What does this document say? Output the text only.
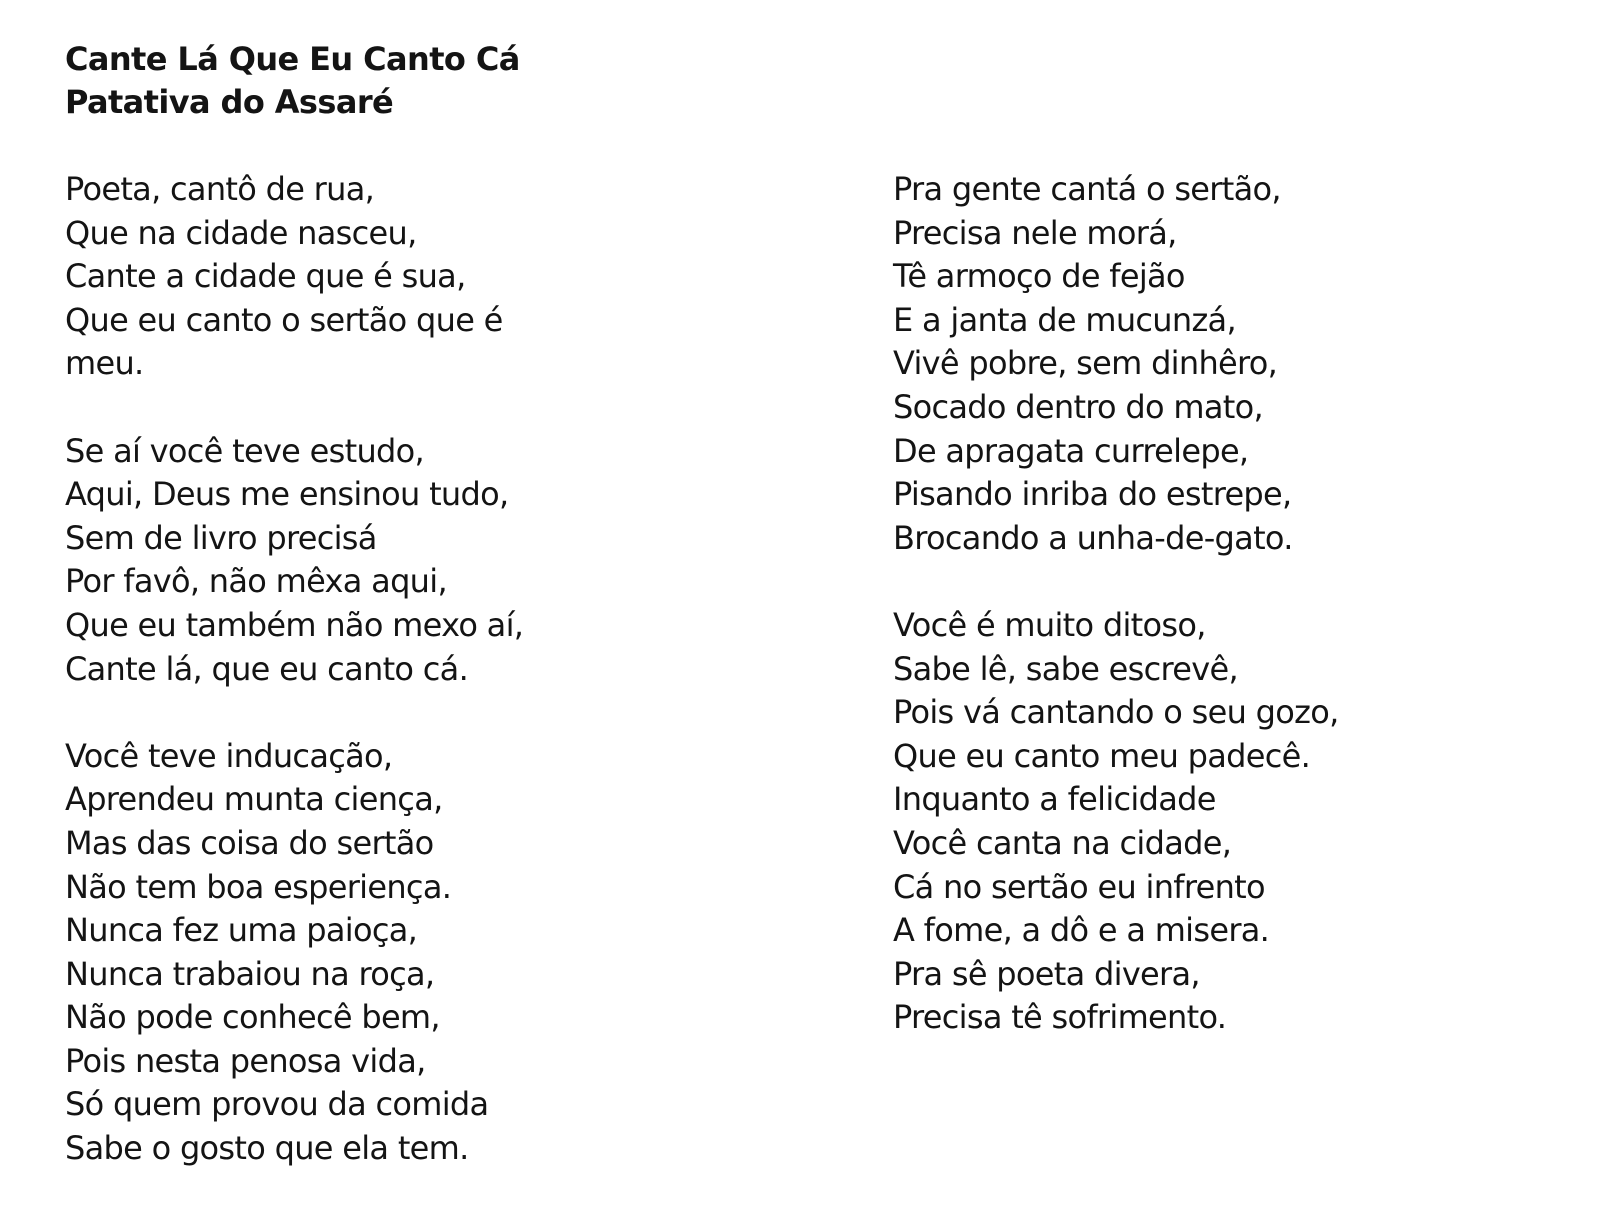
Cante Lá Que Eu Canto Cá
Patativa do Assaré
Poeta, cantô de rua,
Que na cidade nasceu,
Cante a cidade que é sua,
Que eu canto o sertão que é
meu.
Se aí você teve estudo,
Aqui, Deus me ensinou tudo,
Sem de livro precisá
Por favô, não mêxa aqui,
Que eu também não mexo aí,
Cante lá, que eu canto cá.
Você teve inducação,
Aprendeu munta ciença,
Mas das coisa do sertão
Não tem boa esperiença.
Nunca fez uma paioça,
Nunca trabaiou na roça,
Não pode conhecê bem,
Pois nesta penosa vida,
Só quem provou da comida
Sabe o gosto que ela tem.
Pra gente cantá o sertão,
Precisa nele morá,
Tê armoço de fejão
E a janta de mucunzá,
Vivê pobre, sem dinhêro,
Socado dentro do mato,
De apragata currelepe,
Pisando inriba do estrepe,
Brocando a unha-de-gato.
Você é muito ditoso,
Sabe lê, sabe escrevê,
Pois vá cantando o seu gozo,
Que eu canto meu padecê.
Inquanto a felicidade
Você canta na cidade,
Cá no sertão eu infrento
A fome, a dô e a misera.
Pra sê poeta divera,
Precisa tê sofrimento.
